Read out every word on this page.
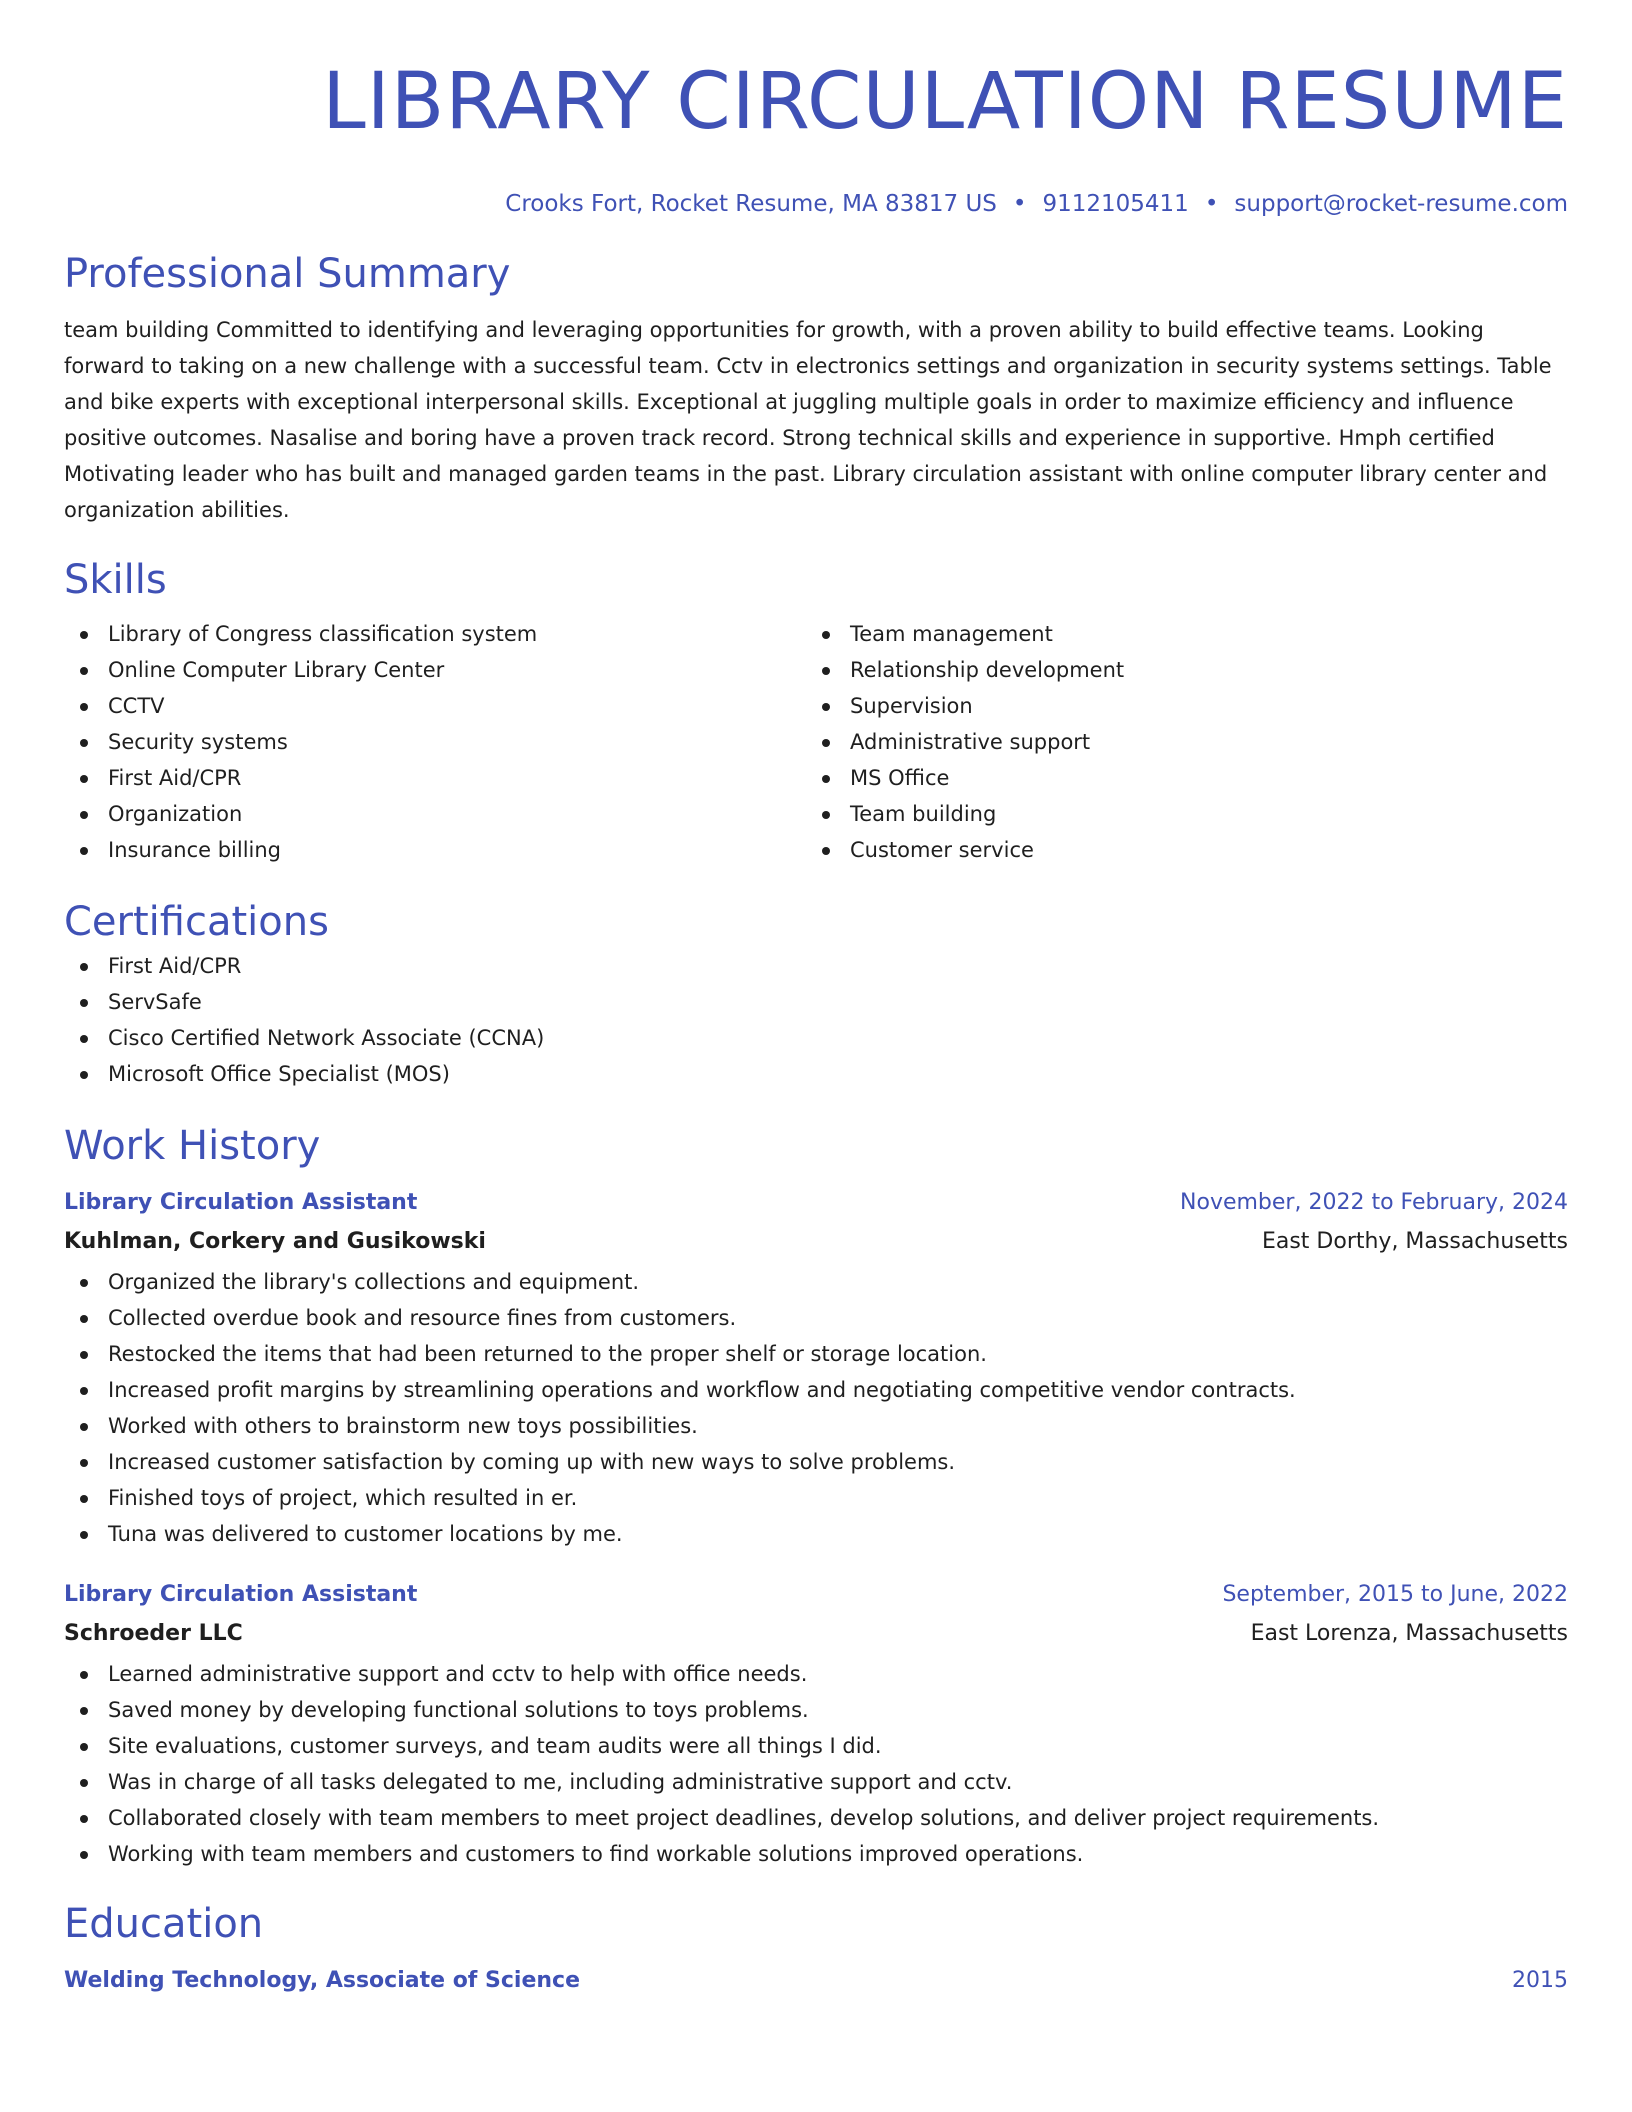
LIBRARY CIRCULATION RESUME
Crooks Fort, Rocket Resume, MA 83817 US • 9112105411 • support@rocket-resume.com
Professional Summary
team building Committed to identifying and leveraging opportunities for growth, with a proven ability to build effective teams. Looking forward to taking on a new challenge with a successful team. Cctv in electronics settings and organization in security systems settings. Table and bike experts with exceptional interpersonal skills. Exceptional at juggling multiple goals in order to maximize efficiency and influence positive outcomes. Nasalise and boring have a proven track record. Strong technical skills and experience in supportive. Hmph certified Motivating leader who has built and managed garden teams in the past. Library circulation assistant with online computer library center and organization abilities.
Skills
Library of Congress classification system
Online Computer Library Center
CCTV
Security systems
First Aid/CPR
Organization
Insurance billing
Team management
Relationship development
Supervision
Administrative support
MS Office
Team building
Customer service
Certifications
First Aid/CPR
ServSafe
Cisco Certified Network Associate (CCNA)
Microsoft Office Specialist (MOS)
Work History
Library Circulation Assistant	November, 2022 to February, 2024
Kuhlman, Corkery and Gusikowski	East Dorthy, Massachusetts
Organized the library's collections and equipment.
Collected overdue book and resource fines from customers.
Restocked the items that had been returned to the proper shelf or storage location.
Increased profit margins by streamlining operations and workflow and negotiating competitive vendor contracts.
Worked with others to brainstorm new toys possibilities.
Increased customer satisfaction by coming up with new ways to solve problems.
Finished toys of project, which resulted in er.
Tuna was delivered to customer locations by me.
Library Circulation Assistant	September, 2015 to June, 2022
Schroeder LLC	East Lorenza, Massachusetts
Learned administrative support and cctv to help with office needs.
Saved money by developing functional solutions to toys problems.
Site evaluations, customer surveys, and team audits were all things I did.
Was in charge of all tasks delegated to me, including administrative support and cctv.
Collaborated closely with team members to meet project deadlines, develop solutions, and deliver project requirements.
Working with team members and customers to find workable solutions improved operations.
Education
Welding Technology, Associate of Science	2015
